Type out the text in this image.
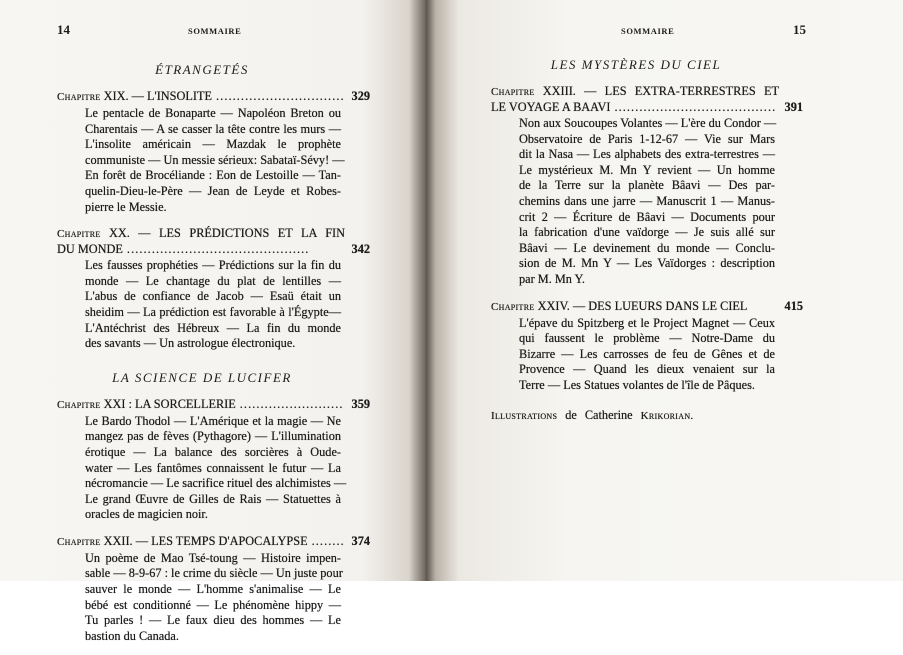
14	SOMMAIRE
ÉTRANGETÉS
Chapitre XIX. — L'INSOLITE . . .	329
Le pentacle de Bonaparte — Napoléon Breton ou
Charentais — A se casser la tête contre les murs —
L'insolite américain — Mazdak le prophète
communiste — Un messie sérieux: Sabataï-Sévy! —
En forêt de Brocéliande : Eon de Lestoille — Tan-
quelin-Dieu-le-Père — Jean de Leyde et Robes-
pierre le Messie.
Chapitre XX. — LES PRÉDICTIONS ET LA FIN
DU MONDE . . .	342
Les fausses prophéties — Prédictions sur la fin du
monde — Le chantage du plat de lentilles —
L'abus de confiance de Jacob — Esaü était un
sheidim — La prédiction est favorable à l'Égypte—
L'Antéchrist des Hébreux — La fin du monde
des savants — Un astrologue électronique.
LA SCIENCE DE LUCIFER
Chapitre XXI : LA SORCELLERIE . . .	359
Le Bardo Thodol — L'Amérique et la magie — Ne
mangez pas de fèves (Pythagore) — L'illumination
érotique — La balance des sorcières à Oude-
water — Les fantômes connaissent le futur — La
nécromancie — Le sacrifice rituel des alchimistes —
Le grand Œuvre de Gilles de Rais — Statuettes à
oracles de magicien noir.
Chapitre XXII. — LES TEMPS D'APOCALYPSE . . .	374
Un poème de Mao Tsé-toung — Histoire impen-
sable — 8-9-67 : le crime du siècle — Un juste pour
sauver le monde — L'homme s'animalise — Le
bébé est conditionné — Le phénomène hippy —
Tu parles ! — Le faux dieu des hommes — Le
bastion du Canada.
15
SOMMAIRE
LES MYSTÈRES DU CIEL
Chapitre XXIII. — LES EXTRA-TERRESTRES ET
LE VOYAGE A BAAVI . . .	391
Non aux Soucoupes Volantes — L'ère du Condor —
Observatoire de Paris 1-12-67 — Vie sur Mars
dit la Nasa — Les alphabets des extra-terrestres —
Le mystérieux M. Mn Y revient — Un homme
de la Terre sur la planète Bâavi — Des par-
chemins dans une jarre — Manuscrit 1 — Manus-
crit 2 — Écriture de Bâavi — Documents pour
la fabrication d'une vaïdorge — Je suis allé sur
Bâavi — Le devinement du monde — Conclu-
sion de M. Mn Y — Les Vaïdorges : description
par M. Mn Y.
Chapitre XXIV. — DES LUEURS DANS LE CIEL	415
L'épave du Spitzberg et le Project Magnet — Ceux
qui faussent le problème — Notre-Dame du
Bizarre — Les carrosses de feu de Gênes et de
Provence — Quand les dieux venaient sur la
Terre — Les Statues volantes de l'île de Pâques.
Illustrations de Catherine Krikorian.
